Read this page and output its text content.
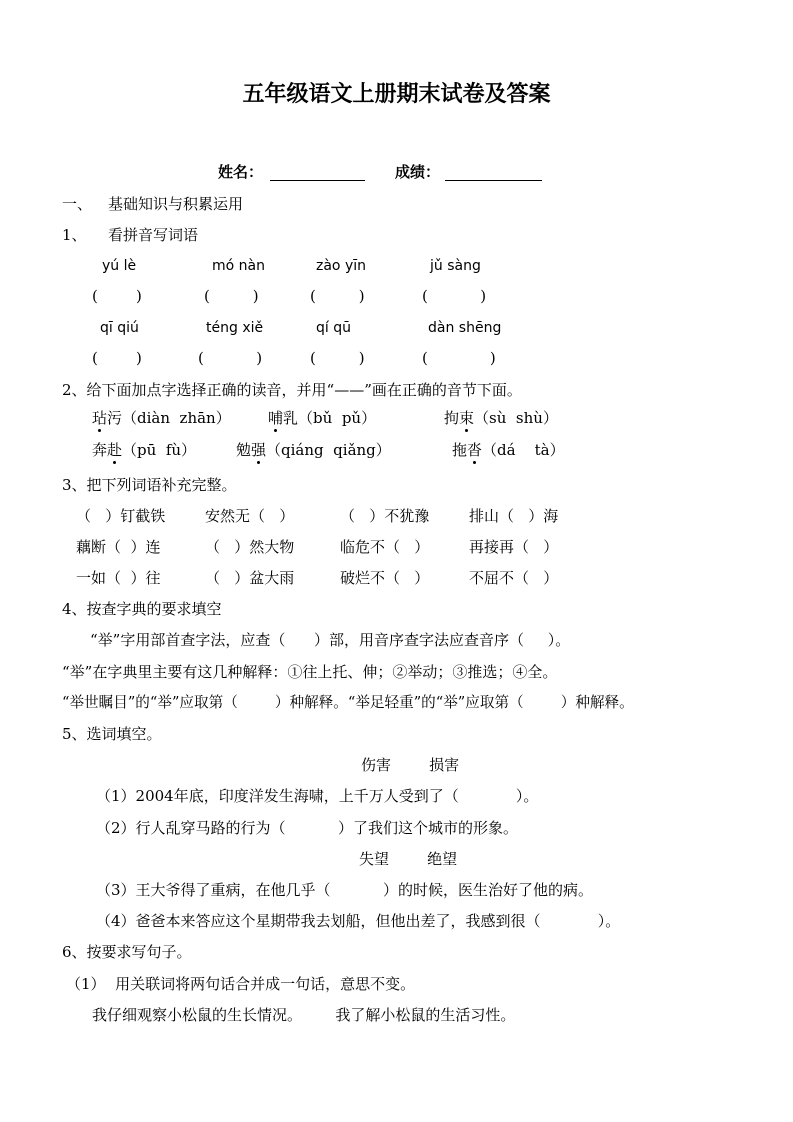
五年级语文上册期末试卷及答案
姓名：	成绩：
一、 基础知识与积累运用
1、 看拼音写词语
yú lè	mó nàn	zào yīn	jǔ sàng
(        )	(         )	(         )	(           )
qī qiú	téng xiě	qí qū	dàn shēng
(        )	(           )	(         )	(             )
2、给下面加点字选择正确的读音，并用“——”画在正确的音节下面。
玷污（diàn  zhān） 哺乳（bǔ  pǔ）	拘束（sù  shù）
奔赴（pū  fù）	勉强（qiáng  qiǎng）	拖沓（dá    tà）
3、把下列词语补充完整。
（   ）钉截铁	安然无（   ）	（   ）不犹豫	排山（   ）海
藕断（  ）连	（   ）然大物	临危不（   ）	再接再（   ）
一如（  ）往	（   ）盆大雨	破烂不（   ）	不屈不（   ）
4、按查字典的要求填空
“举”字用部首查字法，应查（      ）部，用音序查字法应查音序（     ）。
“举”在字典里主要有这几种解释：①往上托、伸；②举动；③推选；④全。
“举世瞩目”的“举”应取第（        ）种解释。“举足轻重”的“举”应取第（        ）种解释。
5、选词填空。
伤害        损害
（1）2004年底，印度洋发生海啸，上千万人受到了（            ）。
（2）行人乱穿马路的行为（           ）了我们这个城市的形象。
失望        绝望
（3）王大爷得了重病，在他几乎（           ）的时候，医生治好了他的病。
（4）爸爸本来答应这个星期带我去划船，但他出差了，我感到很（            ）。
6、按要求写句子。
（1）  用关联词将两句话合并成一句话，意思不变。
我仔细观察小松鼠的生长情况。       我了解小松鼠的生活习性。
